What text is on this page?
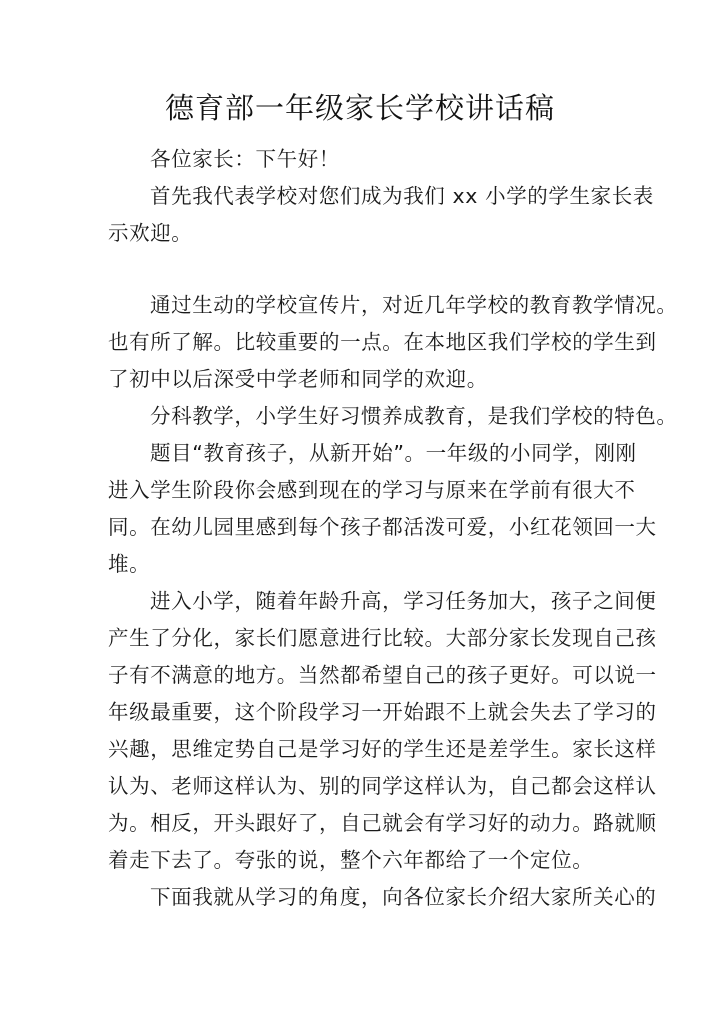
德育部一年级家长学校讲话稿
各位家长：下午好！
首先我代表学校对您们成为我们 xx 小学的学生家长表
示欢迎。
通过生动的学校宣传片，对近几年学校的教育教学情况。
也有所了解。比较重要的一点。在本地区我们学校的学生到
了初中以后深受中学老师和同学的欢迎。
分科教学，小学生好习惯养成教育，是我们学校的特色。
题目“教育孩子，从新开始”。一年级的小同学，刚刚
进入学生阶段你会感到现在的学习与原来在学前有很大不
同。在幼儿园里感到每个孩子都活泼可爱，小红花领回一大
堆。
进入小学，随着年龄升高，学习任务加大，孩子之间便
产生了分化，家长们愿意进行比较。大部分家长发现自己孩
子有不满意的地方。当然都希望自己的孩子更好。可以说一
年级最重要，这个阶段学习一开始跟不上就会失去了学习的
兴趣，思维定势自己是学习好的学生还是差学生。家长这样
认为、老师这样认为、别的同学这样认为，自己都会这样认
为。相反，开头跟好了，自己就会有学习好的动力。路就顺
着走下去了。夸张的说，整个六年都给了一个定位。
下面我就从学习的角度，向各位家长介绍大家所关心的
